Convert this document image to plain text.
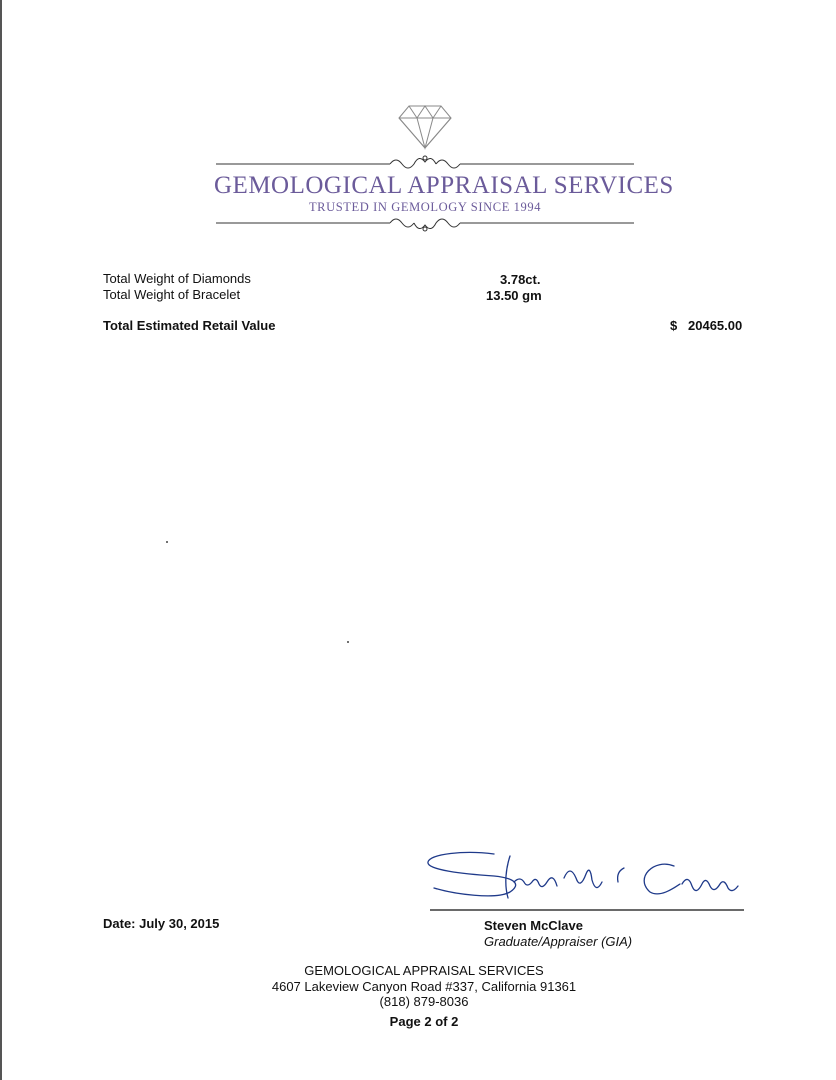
GEMOLOGICAL APPRAISAL SERVICES
TRUSTED IN GEMOLOGY SINCE 1994
Total Weight of Diamonds	3.78ct.
Total Weight of Bracelet	13.50 gm
Total Estimated Retail Value	$ 20465.00
Date: July 30, 2015	Steven McClave
Graduate/Appraiser (GIA)
GEMOLOGICAL APPRAISAL SERVICES
4607 Lakeview Canyon Road #337, California 91361
(818) 879-8036
Page 2 of 2
